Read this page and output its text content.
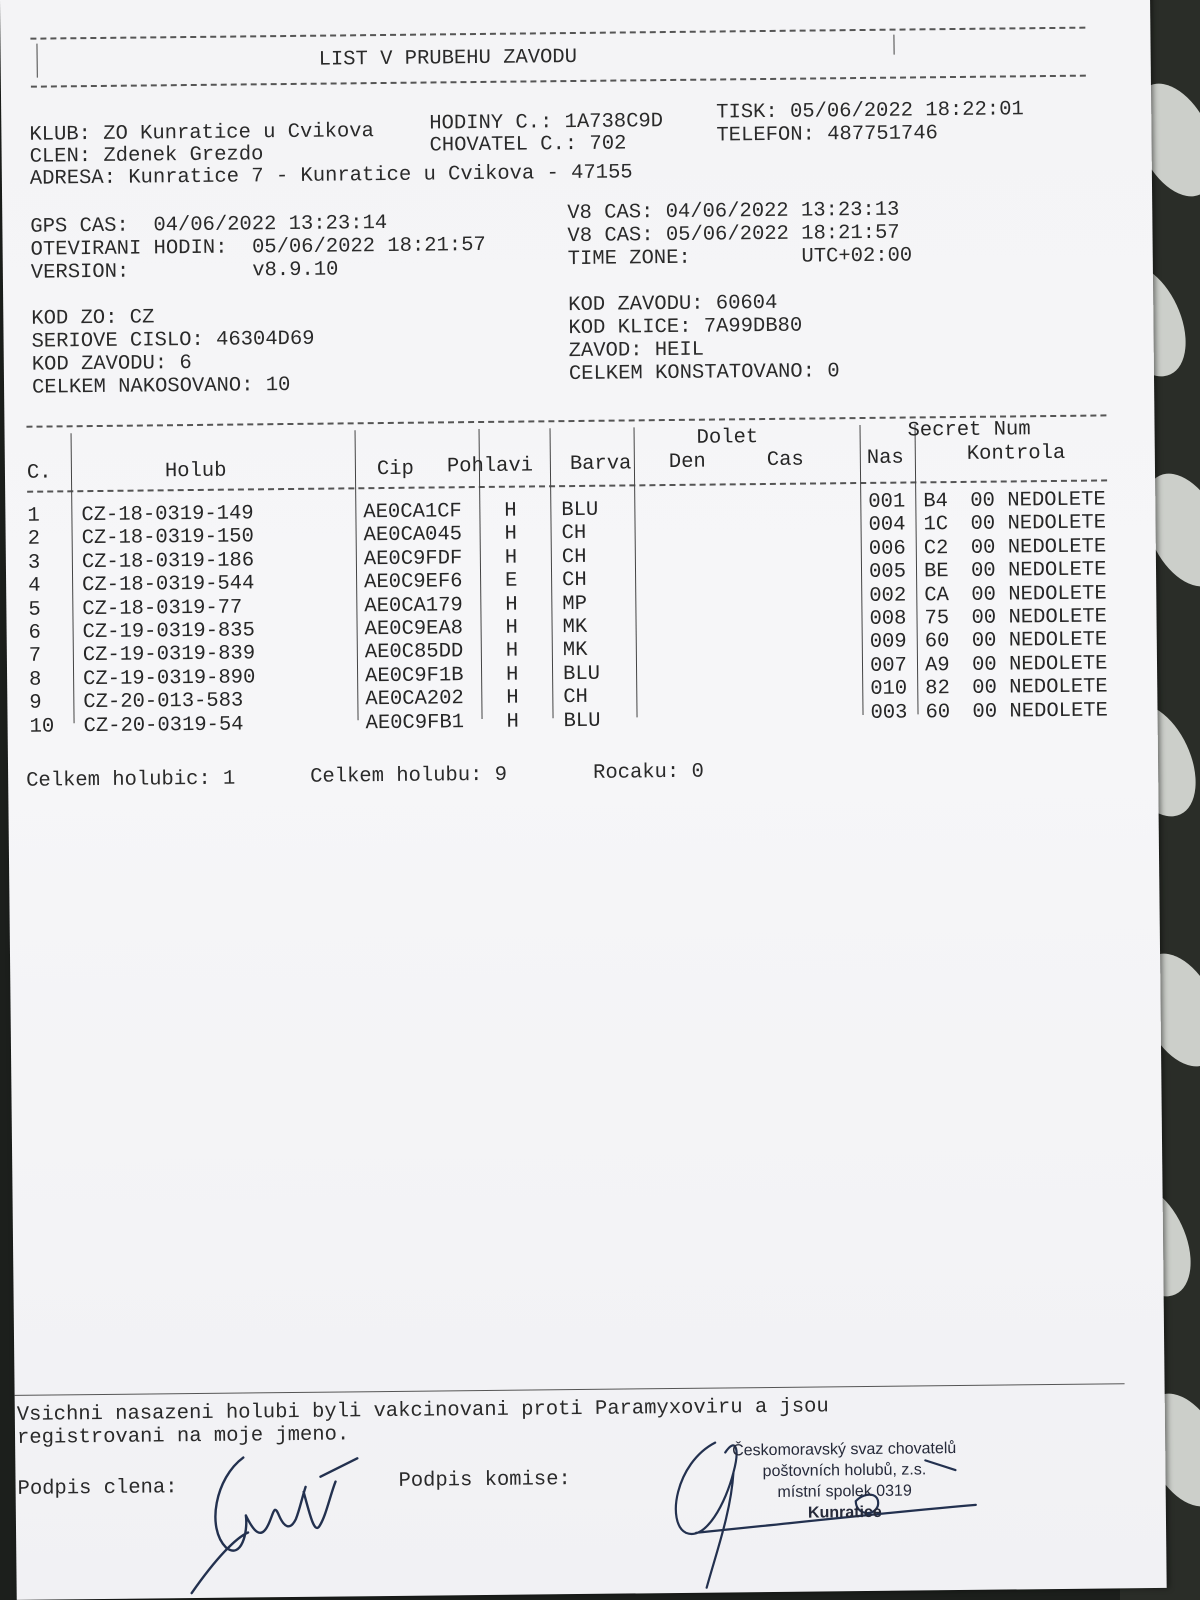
LIST V PRUBEHU ZAVODU
KLUB: ZO Kunratice u Cvikova	HODINY C.: 1A738C9D	TISK: 05/06/2022 18:22:01
CLEN: Zdenek Grezdo	CHOVATEL C.: 702	TELEFON: 487751746
ADRESA: Kunratice 7 - Kunratice u Cvikova - 47155
GPS CAS:  04/06/2022 13:23:14
OTEVIRANI HODIN:  05/06/2022 18:21:57
VERSION:          v8.9.10
V8 CAS: 04/06/2022 13:23:13
V8 CAS: 05/06/2022 18:21:57
TIME ZONE:         UTC+02:00
KOD ZO: CZ
SERIOVE CISLO: 46304D69
KOD ZAVODU: 6
CELKEM NAKOSOVANO: 10
KOD ZAVODU: 60604
KOD KLICE: 7A99DB80
ZAVOD: HEIL
CELKEM KONSTATOVANO: 0
C.	Holub	Cip Pohlavi Barva
Dolet
Den	Cas	Nas
Secret Num
Kontrola
1 CZ-18-0319-149	AE0CA1CF H BLU	001 B4 00 NEDOLETE
2 CZ-18-0319-150	AE0CA045 H CH	004 1C 00 NEDOLETE
3 CZ-18-0319-186	AE0C9FDF H CH	006 C2 00 NEDOLETE
4 CZ-18-0319-544	AE0C9EF6 E CH	005 BE 00 NEDOLETE
5 CZ-18-0319-77	AE0CA179 H MP	002 CA 00 NEDOLETE
6 CZ-19-0319-835	AE0C9EA8 H MK	008 75 00 NEDOLETE
7 CZ-19-0319-839	AE0C85DD H MK	009 60 00 NEDOLETE
8 CZ-19-0319-890	AE0C9F1B H BLU	007 A9 00 NEDOLETE
9 CZ-20-013-583	AE0CA202 H CH	010 82 00 NEDOLETE
10 CZ-20-0319-54	AE0C9FB1 H BLU	003 60 00 NEDOLETE
Celkem holubic: 1	Celkem holubu: 9	Rocaku: 0
Vsichni nasazeni holubi byli vakcinovani proti Paramyxoviru a jsou
registrovani na moje jmeno.
Podpis clena:	Podpis komise:
Českomoravský svaz chovatelů
poštovních holubů, z.s.
místní spolek 0319
Kunratice
